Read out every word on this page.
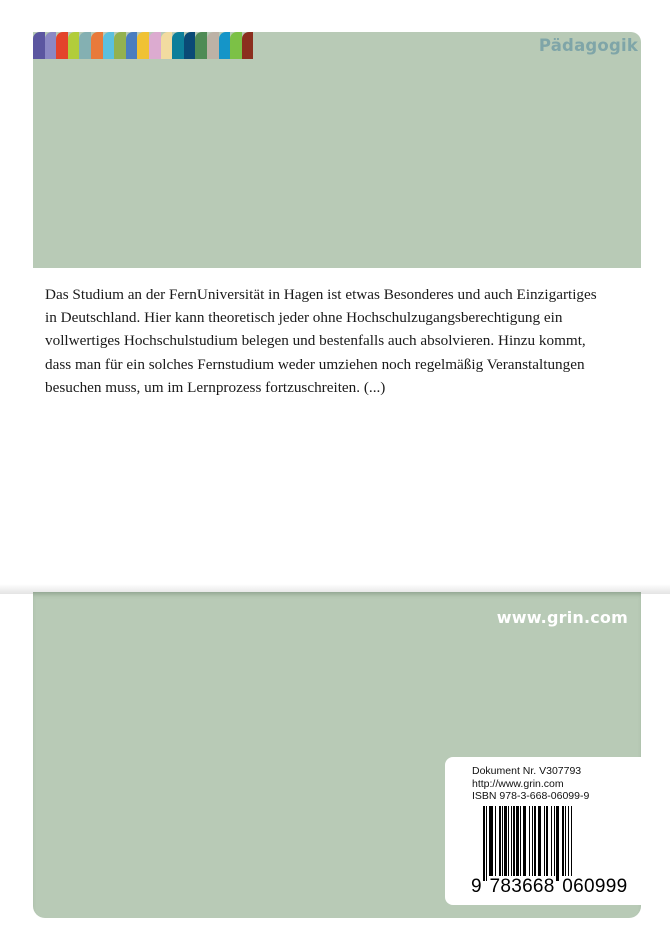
Pädagogik
Das Studium an der FernUniversität in Hagen ist etwas Besonderes und auch Einzigartiges
in Deutschland. Hier kann theoretisch jeder ohne Hochschulzugangsberechtigung ein
vollwertiges Hochschulstudium belegen und bestenfalls auch absolvieren. Hinzu kommt,
dass man für ein solches Fernstudium weder umziehen noch regelmäßig Veranstaltungen
besuchen muss, um im Lernprozess fortzuschreiten. (...)
www.grin.com
Dokument Nr. V307793
http://www.grin.com
ISBN 978-3-668-06099-9
9 783668 060999
